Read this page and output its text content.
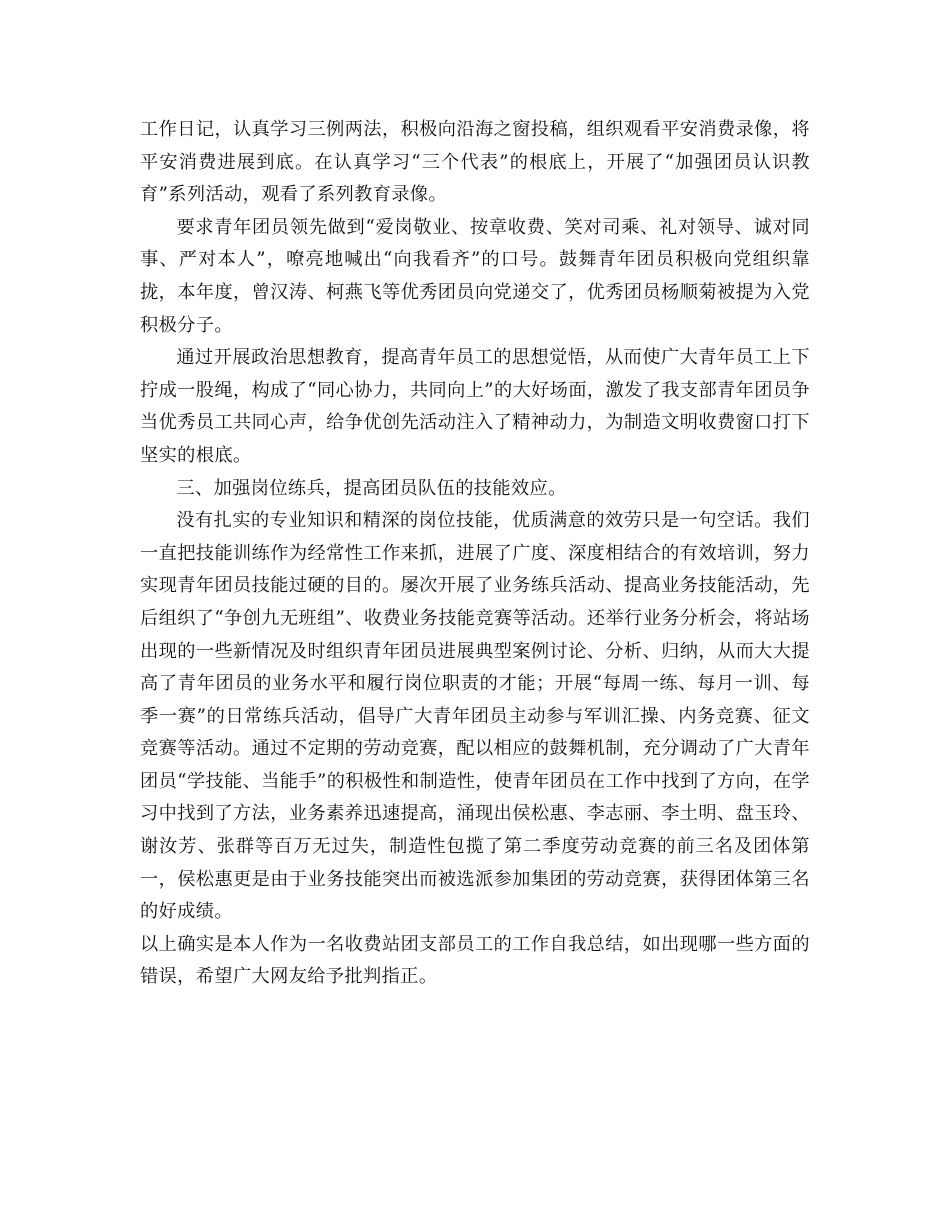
工作日记，认真学习三例两法，积极向沿海之窗投稿，组织观看平安消费录像，将平安消费进展到底。在认真学习“三个代表”的根底上，开展了“加强团员认识教育”系列活动，观看了系列教育录像。

要求青年团员领先做到“爱岗敬业、按章收费、笑对司乘、礼对领导、诚对同事、严对本人”，嘹亮地喊出“向我看齐”的口号。鼓舞青年团员积极向党组织靠拢，本年度，曾汉涛、柯燕飞等优秀团员向党递交了，优秀团员杨顺菊被提为入党积极分子。

通过开展政治思想教育，提高青年员工的思想觉悟，从而使广大青年员工上下拧成一股绳，构成了“同心协力，共同向上”的大好场面，激发了我支部青年团员争当优秀员工共同心声，给争优创先活动注入了精神动力，为制造文明收费窗口打下坚实的根底。

三、加强岗位练兵，提高团员队伍的技能效应。

没有扎实的专业知识和精深的岗位技能，优质满意的效劳只是一句空话。我们一直把技能训练作为经常性工作来抓，进展了广度、深度相结合的有效培训，努力实现青年团员技能过硬的目的。屡次开展了业务练兵活动、提高业务技能活动，先后组织了“争创九无班组”、收费业务技能竞赛等活动。还举行业务分析会，将站场出现的一些新情况及时组织青年团员进展典型案例讨论、分析、归纳，从而大大提高了青年团员的业务水平和履行岗位职责的才能；开展“每周一练、每月一训、每季一赛”的日常练兵活动，倡导广大青年团员主动参与军训汇操、内务竞赛、征文竞赛等活动。通过不定期的劳动竞赛，配以相应的鼓舞机制，充分调动了广大青年团员“学技能、当能手”的积极性和制造性，使青年团员在工作中找到了方向，在学习中找到了方法，业务素养迅速提高，涌现出侯松惠、李志丽、李土明、盘玉玲、谢汝芳、张群等百万无过失，制造性包揽了第二季度劳动竞赛的前三名及团体第一，侯松惠更是由于业务技能突出而被选派参加集团的劳动竞赛，获得团体第三名的好成绩。

以上确实是本人作为一名收费站团支部员工的工作自我总结，如出现哪一些方面的错误，希望广大网友给予批判指正。
